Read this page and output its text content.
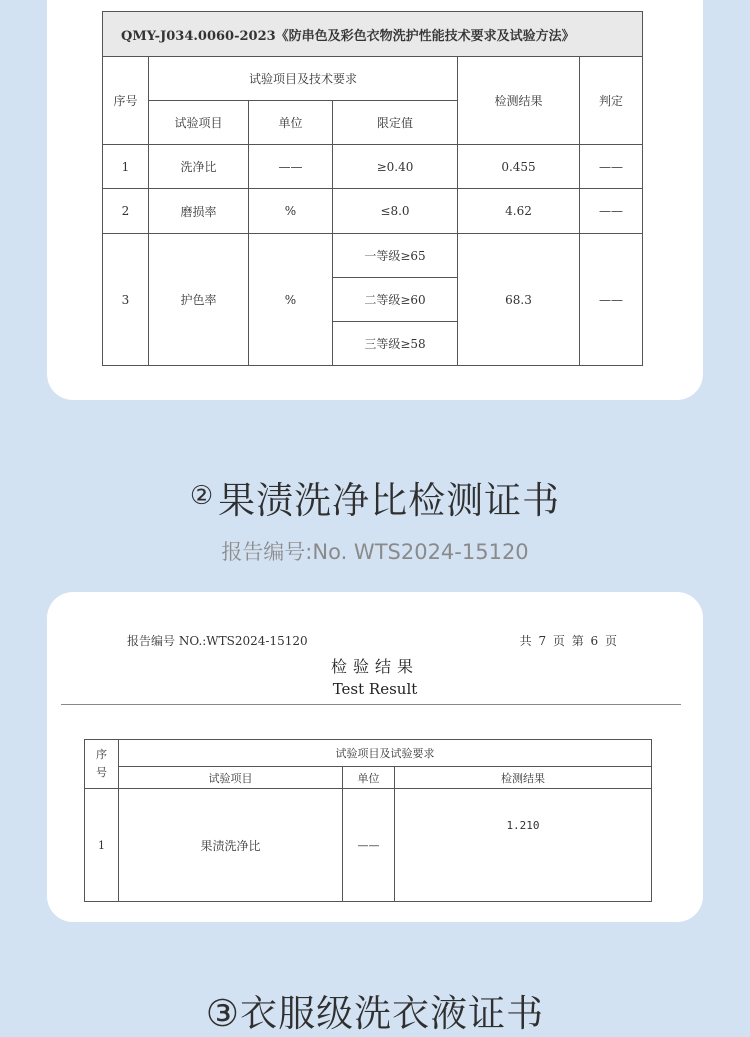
QMY-J034.0060-2023《防串色及彩色衣物洗护性能技术要求及试验方法》					
序号	试验项目及技术要求			检测结果	判定
	试验项目	单位	限定值		
1	洗净比	——	≥0.40	0.455	——
2	磨损率	%	≤8.0	4.62	——
3	护色率	%	一等级≥65	68.3	——
			二等级≥60		
			三等级≥58		
② 果渍洗净比检测证书
报告编号:No. WTS2024-15120
报告编号 NO.:WTS2024-15120	共 7 页 第 6 页
检验结果
Test Result
序号	试验项目及试验要求		
	试验项目	单位	检测结果
1	果渍洗净比	——	1.210
③衣服级洗衣液证书
